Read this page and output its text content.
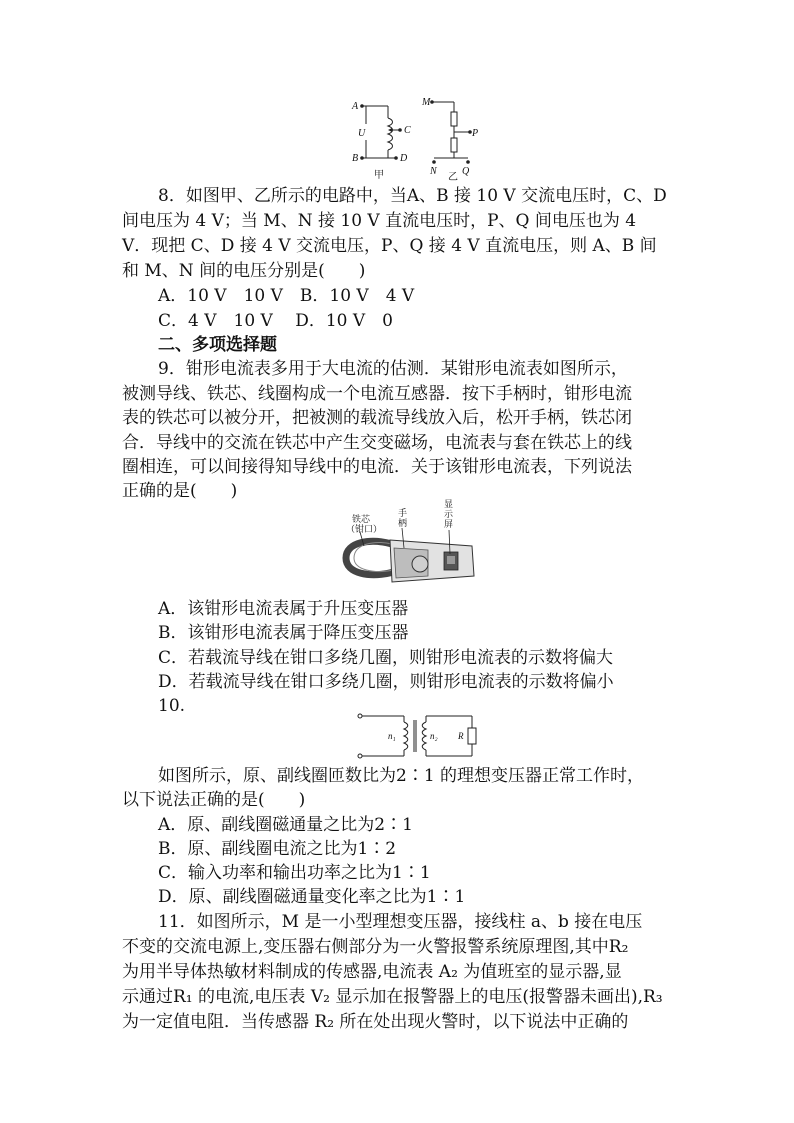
A
B
U	C
D
M
P
N	Q
甲	乙
8．如图甲、乙所示的电路中，当A、B 接 10 V 交流电压时，C、D
间电压为 4 V；当 M、N 接 10 V 直流电压时，P、Q 间电压也为 4
V．现把 C、D 接 4 V 交流电压，P、Q 接 4 V 直流电压，则 A、B 间
和 M、N 间的电压分别是(　　)
A．10 V　10 V　B．10 V　4 V
C．4 V　10 V　 D．10 V　0
二、多项选择题
9．钳形电流表多用于大电流的估测．某钳形电流表如图所示，
被测导线、铁芯、线圈构成一个电流互感器．按下手柄时，钳形电流
表的铁芯可以被分开，把被测的载流导线放入后，松开手柄，铁芯闭
合．导线中的交流在铁芯中产生交变磁场，电流表与套在铁芯上的线
圈相连，可以间接得知导线中的电流．关于该钳形电流表，下列说法
正确的是(　　)
铁芯
（钳口）
手
柄
显
示
屏
A．该钳形电流表属于升压变压器
B．该钳形电流表属于降压变压器
C．若载流导线在钳口多绕几圈，则钳形电流表的示数将偏大
D．若载流导线在钳口多绕几圈，则钳形电流表的示数将偏小
10.
n₁	n₂ R
如图所示，原、副线圈匝数比为2∶1 的理想变压器正常工作时，
以下说法正确的是(　　)
A．原、副线圈磁通量之比为2∶1
B．原、副线圈电流之比为1∶2
C．输入功率和输出功率之比为1∶1
D．原、副线圈磁通量变化率之比为1∶1
11．如图所示，M 是一小型理想变压器，接线柱 a、b 接在电压
不变的交流电源上,变压器右侧部分为一火警报警系统原理图,其中R₂
为用半导体热敏材料制成的传感器,电流表 A₂ 为值班室的显示器,显
示通过R₁ 的电流,电压表 V₂ 显示加在报警器上的电压(报警器未画出),R₃
为一定值电阻．当传感器 R₂ 所在处出现火警时，以下说法中正确的
